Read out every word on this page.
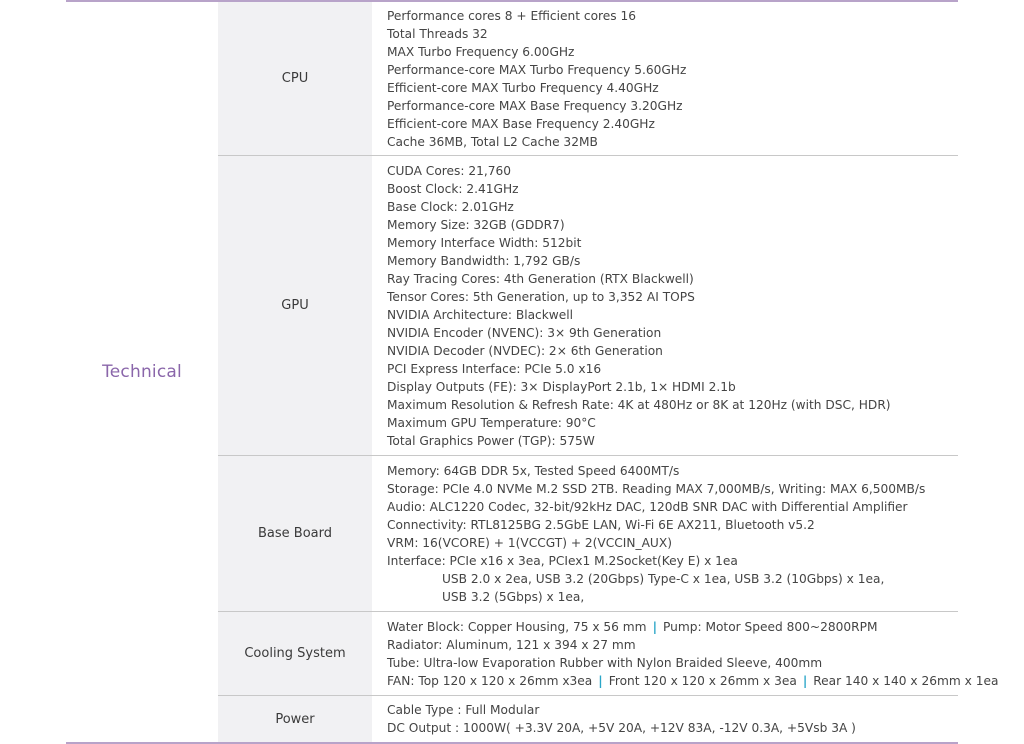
Technical
CPU
Performance cores 8 + Efficient cores 16
Total Threads 32
MAX Turbo Frequency 6.00GHz
Performance-core MAX Turbo Frequency 5.60GHz
Efficient-core MAX Turbo Frequency 4.40GHz
Performance-core MAX Base Frequency 3.20GHz
Efficient-core MAX Base Frequency 2.40GHz
Cache 36MB, Total L2 Cache 32MB
GPU
CUDA Cores: 21,760
Boost Clock: 2.41GHz
Base Clock: 2.01GHz
Memory Size: 32GB (GDDR7)
Memory Interface Width: 512bit
Memory Bandwidth: 1,792 GB/s
Ray Tracing Cores: 4th Generation (RTX Blackwell)
Tensor Cores: 5th Generation, up to 3,352 AI TOPS
NVIDIA Architecture: Blackwell
NVIDIA Encoder (NVENC): 3× 9th Generation
NVIDIA Decoder (NVDEC): 2× 6th Generation
PCI Express Interface: PCIe 5.0 x16
Display Outputs (FE): 3× DisplayPort 2.1b, 1× HDMI 2.1b
Maximum Resolution & Refresh Rate: 4K at 480Hz or 8K at 120Hz (with DSC, HDR)
Maximum GPU Temperature: 90°C
Total Graphics Power (TGP): 575W
Base Board
Memory: 64GB DDR 5x, Tested Speed 6400MT/s
Storage: PCIe 4.0 NVMe M.2 SSD 2TB. Reading MAX 7,000MB/s, Writing: MAX 6,500MB/s
Audio: ALC1220 Codec, 32-bit/92kHz DAC, 120dB SNR DAC with Differential Amplifier
Connectivity: RTL8125BG 2.5GbE LAN, Wi-Fi 6E AX211, Bluetooth v5.2
VRM: 16(VCORE) + 1(VCCGT) + 2(VCCIN_AUX)
Interface: PCIe x16 x 3ea, PCIex1 M.2Socket(Key E) x 1ea
USB 2.0 x 2ea, USB 3.2 (20Gbps) Type-C x 1ea, USB 3.2 (10Gbps) x 1ea,
USB 3.2 (5Gbps) x 1ea,
Cooling System
Water Block: Copper Housing, 75 x 56 mm | Pump: Motor Speed 800~2800RPM
Radiator: Aluminum, 121 x 394 x 27 mm
Tube: Ultra-low Evaporation Rubber with Nylon Braided Sleeve, 400mm
FAN: Top 120 x 120 x 26mm x3ea | Front 120 x 120 x 26mm x 3ea | Rear 140 x 140 x 26mm x 1ea
Power
Cable Type : Full Modular
DC Output : 1000W( +3.3V 20A, +5V 20A, +12V 83A, -12V 0.3A, +5Vsb 3A )
